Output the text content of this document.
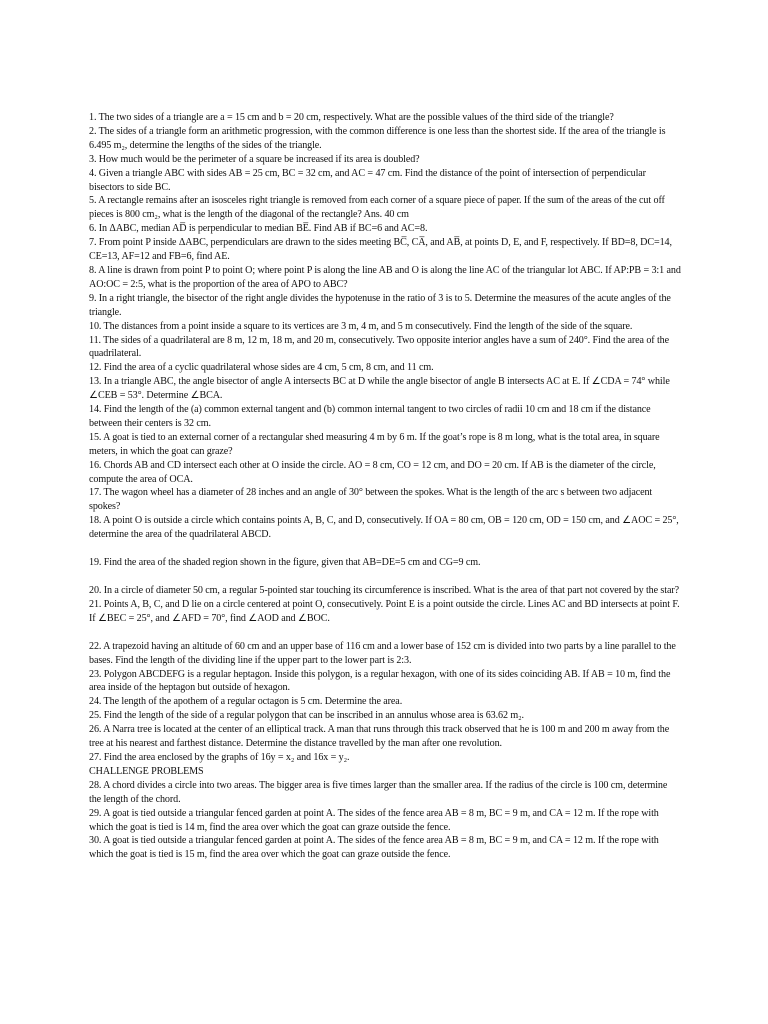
1. The two sides of a triangle are a = 15 cm and b = 20 cm, respectively. What are the possible values of the third side of the triangle?

2. The sides of a triangle form an arithmetic progression, with the common difference is one less than the shortest side. If the area of the triangle is 6.495 m₂, determine the lengths of the sides of the triangle.

3. How much would be the perimeter of a square be increased if its area is doubled?

4. Given a triangle ABC with sides AB = 25 cm, BC = 32 cm, and AC = 47 cm. Find the distance of the point of intersection of perpendicular bisectors to side BC.

5. A rectangle remains after an isosceles right triangle is removed from each corner of a square piece of paper. If the sum of the areas of the cut off pieces is 800 cm₂, what is the length of the diagonal of the rectangle? Ans. 40 cm

6. In ΔABC, median AD̅ is perpendicular to median BE̅. Find AB if BC=6 and AC=8.

7. From point P inside ΔABC, perpendiculars are drawn to the sides meeting BC̅, CA̅, and AB̅, at points D, E, and F, respectively. If BD=8, DC=14, CE=13, AF=12 and FB=6, find AE.

8. A line is drawn from point P to point O; where point P is along the line AB and O is along the line AC of the triangular lot ABC. If AP:PB = 3:1 and AO:OC = 2:5, what is the proportion of the area of APO to ABC?

9. In a right triangle, the bisector of the right angle divides the hypotenuse in the ratio of 3 is to 5. Determine the measures of the acute angles of the triangle.

10. The distances from a point inside a square to its vertices are 3 m, 4 m, and 5 m consecutively. Find the length of the side of the square.

11. The sides of a quadrilateral are 8 m, 12 m, 18 m, and 20 m, consecutively. Two opposite interior angles have a sum of 240°. Find the area of the quadrilateral.

12. Find the area of a cyclic quadrilateral whose sides are 4 cm, 5 cm, 8 cm, and 11 cm.

13. In a triangle ABC, the angle bisector of angle A intersects BC at D while the angle bisector of angle B intersects AC at E. If ∠CDA = 74° while ∠CEB = 53°. Determine ∠BCA.

14. Find the length of the (a) common external tangent and (b) common internal tangent to two circles of radii 10 cm and 18 cm if the distance between their centers is 32 cm.

15. A goat is tied to an external corner of a rectangular shed measuring 4 m by 6 m. If the goat’s rope is 8 m long, what is the total area, in square meters, in which the goat can graze?

16. Chords AB and CD intersect each other at O inside the circle. AO = 8 cm, CO = 12 cm, and DO = 20 cm. If AB is the diameter of the circle, compute the area of OCA.

17. The wagon wheel has a diameter of 28 inches and an angle of 30° between the spokes. What is the length of the arc s between two adjacent spokes?

18. A point O is outside a circle which contains points A, B, C, and D, consecutively. If OA = 80 cm, OB = 120 cm, OD = 150 cm, and ∠AOC = 25°, determine the area of the quadrilateral ABCD.

19. Find the area of the shaded region shown in the figure, given that AB=DE=5 cm and CG=9 cm.

20. In a circle of diameter 50 cm, a regular 5-pointed star touching its circumference is inscribed. What is the area of that part not covered by the star?

21. Points A, B, C, and D lie on a circle centered at point O, consecutively. Point E is a point outside the circle. Lines AC and BD intersects at point F. If ∠BEC = 25°, and ∠AFD = 70°, find ∠AOD and ∠BOC.

22. A trapezoid having an altitude of 60 cm and an upper base of 116 cm and a lower base of 152 cm is divided into two parts by a line parallel to the bases. Find the length of the dividing line if the upper part to the lower part is 2:3.

23. Polygon ABCDEFG is a regular heptagon. Inside this polygon, is a regular hexagon, with one of its sides coinciding AB. If AB = 10 m, find the area inside of the heptagon but outside of hexagon.

24. The length of the apothem of a regular octagon is 5 cm. Determine the area.

25. Find the length of the side of a regular polygon that can be inscribed in an annulus whose area is 63.62 m₂.

26. A Narra tree is located at the center of an elliptical track. A man that runs through this track observed that he is 100 m and 200 m away from the tree at his nearest and farthest distance. Determine the distance travelled by the man after one revolution.

27. Find the area enclosed by the graphs of 16y = x₂ and 16x = y₂.

CHALLENGE PROBLEMS

28. A chord divides a circle into two areas. The bigger area is five times larger than the smaller area. If the radius of the circle is 100 cm, determine the length of the chord.

29. A goat is tied outside a triangular fenced garden at point A. The sides of the fence area AB = 8 m, BC = 9 m, and CA = 12 m. If the rope with which the goat is tied is 14 m, find the area over which the goat can graze outside the fence.

30. A goat is tied outside a triangular fenced garden at point A. The sides of the fence area AB = 8 m, BC = 9 m, and CA = 12 m. If the rope with which the goat is tied is 15 m, find the area over which the goat can graze outside the fence.
